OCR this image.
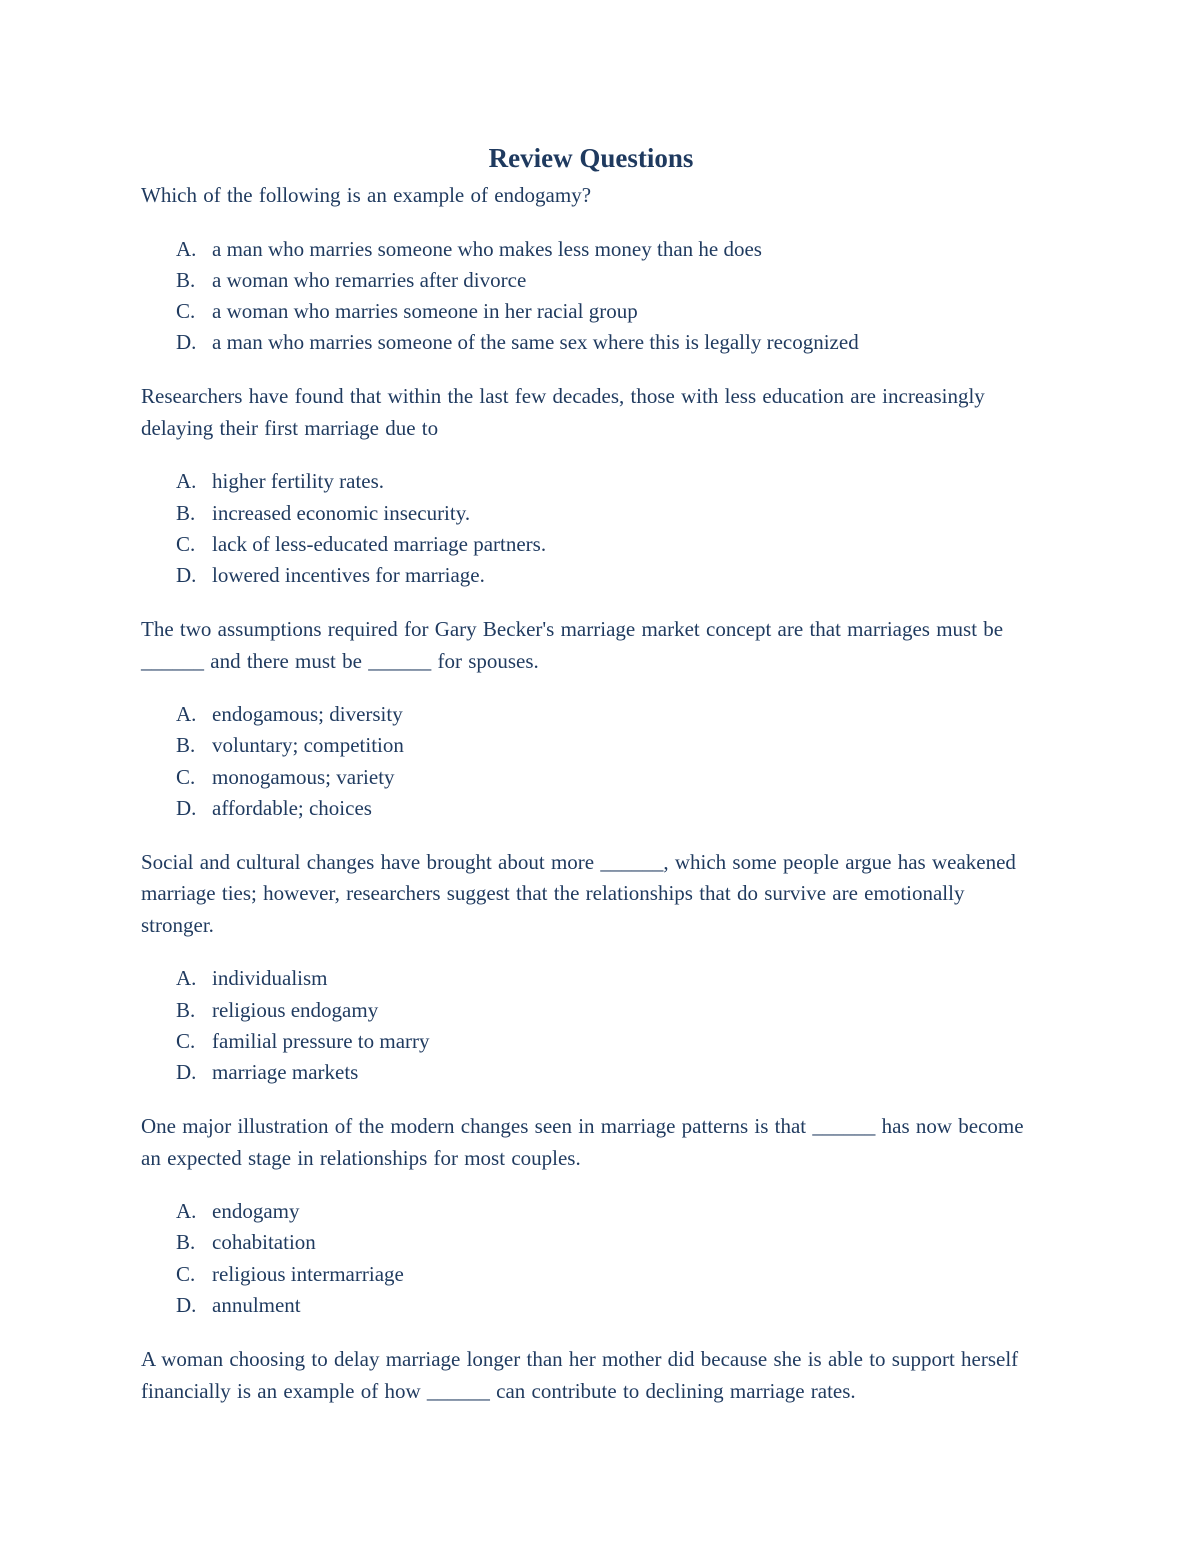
Review Questions

Which of the following is an example of endogamy?

A. a man who marries someone who makes less money than he does
B. a woman who remarries after divorce
C. a woman who marries someone in her racial group
D. a man who marries someone of the same sex where this is legally recognized

Researchers have found that within the last few decades, those with less education are increasingly delaying their first marriage due to

A. higher fertility rates.
B. increased economic insecurity.
C. lack of less-educated marriage partners.
D. lowered incentives for marriage.

The two assumptions required for Gary Becker's marriage market concept are that marriages must be ______ and there must be ______ for spouses.

A. endogamous; diversity
B. voluntary; competition
C. monogamous; variety
D. affordable; choices

Social and cultural changes have brought about more ______, which some people argue has weakened marriage ties; however, researchers suggest that the relationships that do survive are emotionally stronger.

A. individualism
B. religious endogamy
C. familial pressure to marry
D. marriage markets

One major illustration of the modern changes seen in marriage patterns is that ______ has now become an expected stage in relationships for most couples.

A. endogamy
B. cohabitation
C. religious intermarriage
D. annulment

A woman choosing to delay marriage longer than her mother did because she is able to support herself financially is an example of how ______ can contribute to declining marriage rates.
